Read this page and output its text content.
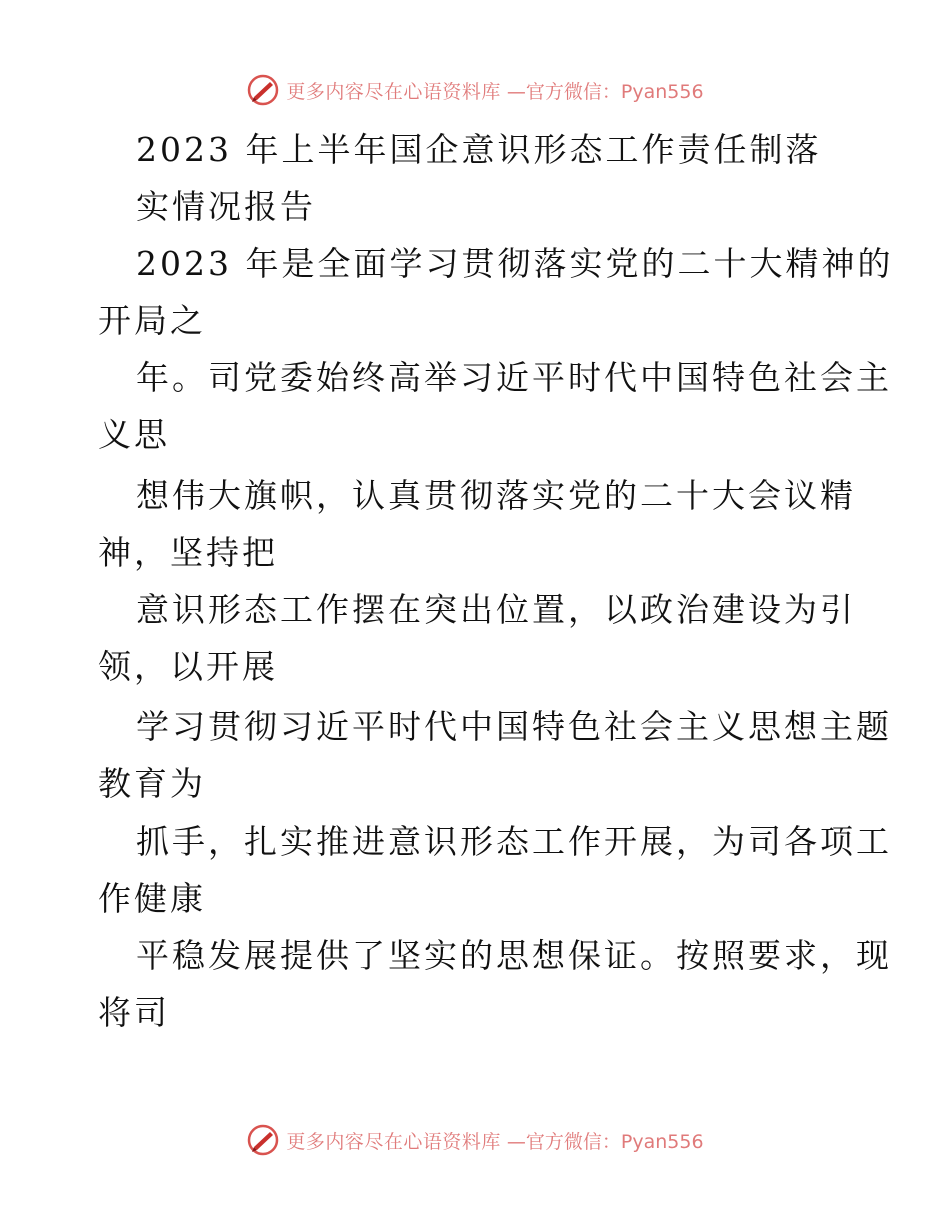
更多内容尽在心语资料库 —官方微信：Pyan556
2023 年上半年国企意识形态工作责任制落
实情况报告
2023 年是全面学习贯彻落实党的二十大精神的
开局之
年。司党委始终高举习近平时代中国特色社会主
义思
想伟大旗帜，认真贯彻落实党的二十大会议精
神，坚持把
意识形态工作摆在突出位置，以政治建设为引
领，以开展
学习贯彻习近平时代中国特色社会主义思想主题
教育为
抓手，扎实推进意识形态工作开展，为司各项工
作健康
平稳发展提供了坚实的思想保证。按照要求，现
将司
更多内容尽在心语资料库 —官方微信：Pyan556
